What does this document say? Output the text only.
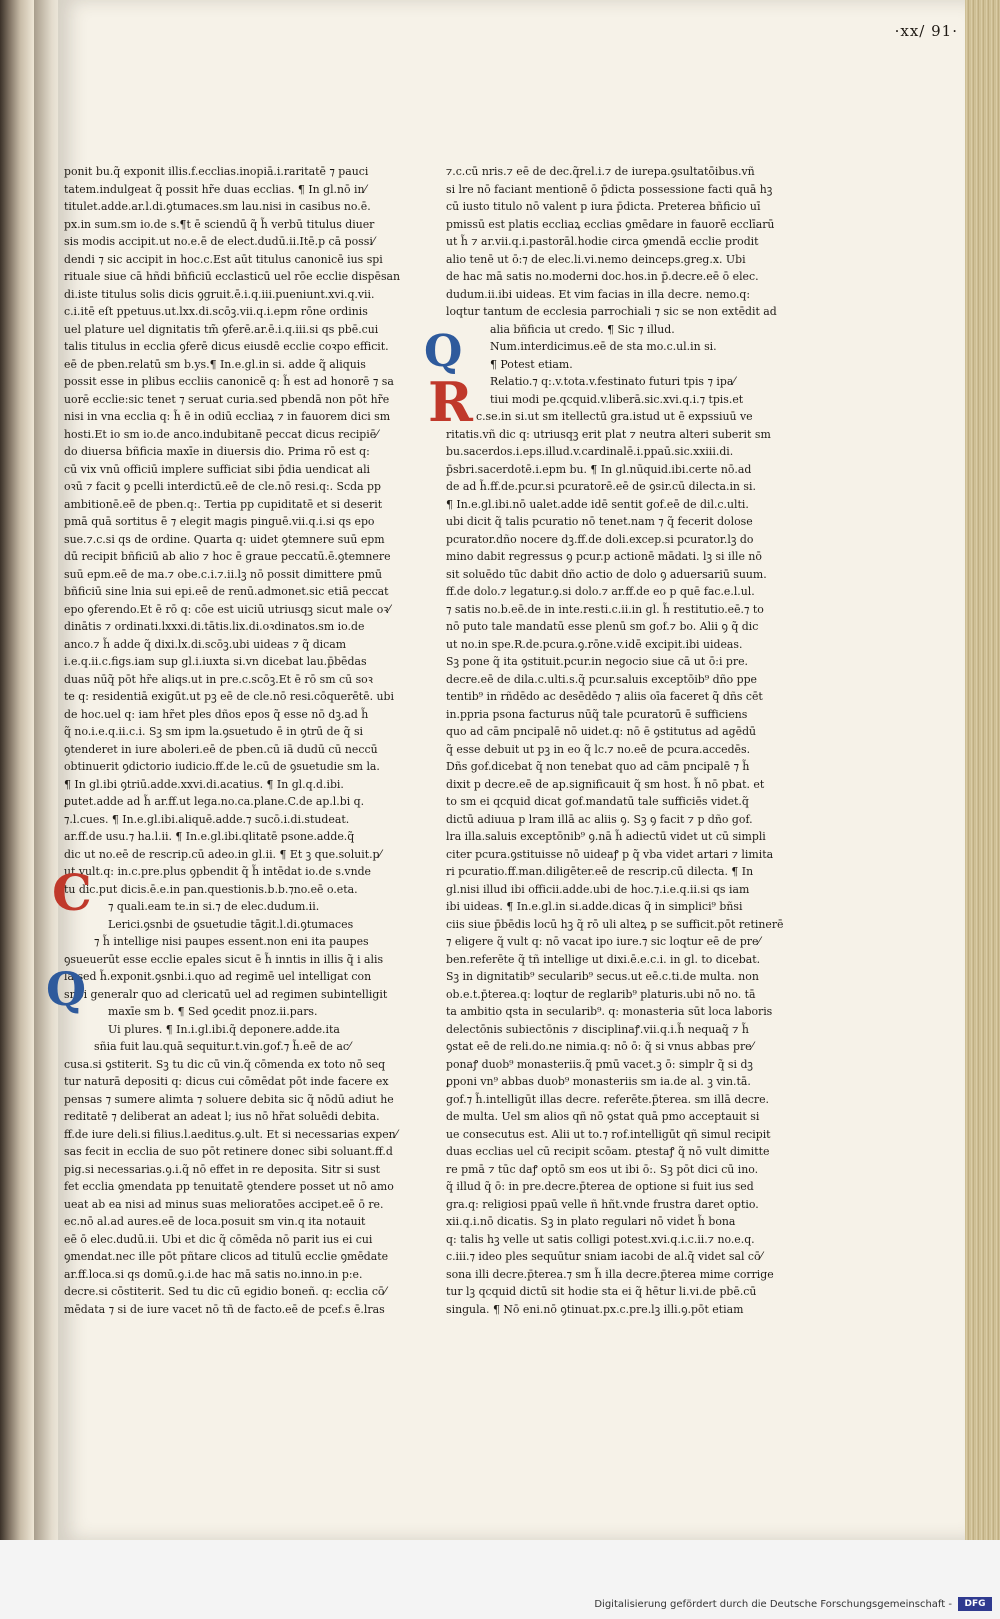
·xx/ 91·
ponit bu.q̃ exponit illis.f.ecclias.inopiā.i.raritatē ⁊ pauci
tatem.indulgeat q̃ possit hr̃e duas ecclias. ¶ In gl.nō in⁄
titulet.adde.ar.l.di.ꝯtumaces.sm lau.nisi in casibus no.ē.
px.in sum.sm io.de s.¶t ē sciendū q̃ h̃ verbū titulus diuer
sis modis accipit.ut no.e.ē de elect.dudū.ii.Itē.p cā possi⁄
dendi ⁊ sic accipit in hoc.c.Est aūt titulus canonicē ius spi
rituale siue cā hñdi bñficiū ecclasticū uel rōe ecclie dispēsan
di.iste titulus solis dicis ꝯgruit.ē.i.q.iii.pueniunt.xvi.q.vii.
c.i.itē eſt ppetuus.ut.lxx.di.scōꝫ.vii.q.i.epm rōne ordinis
uel plature uel dignitatis tm̃ ꝯferē.ar.ē.i.q.iii.si qs pbē.cui
talis titulus in ecclia ꝯferē dicus eiusdē ecclie coꝛpo efficit.
eē de pben.relatū sm b.ys.¶ In.e.gl.in si. adde q̃ aliquis
possit esse in plibus eccliis canonicē q: h̃ est ad honorē ⁊ sa
uorē ecclie:sic tenet ⁊ seruat curia.sed pbendā non pōt hr̃e
nisi in vna ecclia q: h̃ ē in odiū eccliaꝝ ⁊ in fauorem dici sm
hosti.Et io sm io.de anco.indubitanē peccat dicus recipiē⁄
do diuersa bñficia maxīe in diuersis dio. Prima rō est q:
cū vix vnū officiū implere sufficiat sibi p̄dia uendicat ali
oꝛū ⁊ facit ꝯ pcelli interdictū.eē de cle.nō resi.q:. Scda pp
ambitionē.eē de pben.q:. Tertia pp cupiditatē et si deserit
pmā quā sortitus ē ⁊ elegit magis pinguē.vii.q.i.si qs epo
sue.⁊.c.si qs de ordine. Quarta q: uidet ꝯtemnere suū epm
dū recipit bñficiū ab alio ⁊ hoc ē graue peccatū.ē.ꝯtemnere
suū epm.eē de ma.⁊ obe.c.i.⁊.ii.lꝫ nō possit dimittere pmū
bñficiū sine lnia sui epi.eē de renū.admonet.sic etiā peccat
epo ꝯferendo.Et ē rō q: cōe est uiciū utriusqꝫ sicut male oꝛ⁄
dinātis ⁊ ordinati.lxxxi.di.tātis.lix.di.oꝛdinatos.sm io.de
anco.⁊ h̃ adde q̃ dixi.lx.di.scōꝫ.ubi uideas ⁊ q̃ dicam
i.e.q.ii.c.figs.iam sup gl.i.iuxta si.vn dicebat lau.p̄bēdas
duas nūq̃ pōt hr̃e aliqs.ut in pre.c.scōꝫ.Et ē rō sm cū soꝛ
te q: residentiā exigūt.ut pꝫ eē de cle.nō resi.cōquerētē. ubi
de hoc.uel q: iam hr̃et ples dños epos q̃ esse nō dꝫ.ad h̃
q̃ no.i.e.q.ii.c.i. Sꝫ sm ipm la.ꝯsuetudo ē in ꝯtrū de q̃ si
ꝯtenderet in iure aboleri.eē de pben.cū iā dudū cū neccū
obtinuerit ꝯdictorio iudicio.ff.de le.cū de ꝯsuetudie sm la.
¶ In gl.ibi ꝯtriū.adde.xxvi.di.acatius. ¶ In gl.q.d.ibi.
ꝑutet.adde ad h̃ ar.ff.ut lega.no.ca.plane.C.de ap.l.bi q.
⁊.l.cues. ¶ In.e.gl.ibi.aliquē.adde.⁊ sucō.i.di.studeat.
ar.ff.de usu.⁊ ha.l.ii. ¶ In.e.gl.ibi.qlitatē psone.adde.q̃
dic ut no.eē de rescrip.cū adeo.in gl.ii. ¶ Et ꝫ que.soluit.p⁄
ut vult.q: in.c.pre.plus ꝯpbendit q̃ h̃ intēdat io.de s.vnde
tu dic.put dicis.ē.e.in pan.questionis.b.b.⁊no.eē o.eta.
⁊ quali.eam te.in si.⁊ de elec.dudum.ii.
Lerici.ꝯsnbi de ꝯsuetudie tāgit.l.di.ꝯtumaces
⁊ h̃ intellige nisi paupes essent.non eni ita paupes
ꝯsueuerūt esse ecclie epales sicut ē h̃ inntis in illis q̃ i alis
la.sed h̃.exponit.ꝯsnbi.i.quo ad regimē uel intelligat con
snbi generalr quo ad clericatū uel ad regimen subintelligit
maxīe sm b. ¶ Sed ꝯcedit pnoz.ii.pars.
Ui plures. ¶ In.i.gl.ibi.q̃ deponere.adde.ita
sñia fuit lau.quā sequitur.t.vin.gof.⁊ h̃.eē de ac⁄
cusa.si ꝯstiterit. Sꝫ tu dic cū vin.q̃ cōmenda ex toto nō seq
tur naturā depositi q: dicus cui cōmēdat pōt inde facere ex
pensas ⁊ sumere alimta ⁊ soluere debita sic q̃ nōdū adiut he
reditatē ⁊ deliberat an adeat l; ius nō hr̃at soluēdi debita.
ff.de iure deli.si filius.l.aeditus.ꝯ.ult. Et si necessarias expen⁄
sas fecit in ecclia de suo pōt retinere donec sibi soluant.ff.d
pig.si necessarias.ꝯ.i.q̃ nō effet in re deposita. Sitr si sust
fet ecclia ꝯmendata pp tenuitatē ꝯtendere posset ut nō amo
ueat ab ea nisi ad minus suas melioratōes accipet.eē ō re.
ec.nō al.ad aures.eē de loca.posuit sm vin.q ita notauit
eē ō elec.dudū.ii. Ubi et dic q̃ cōmēda nō parit ius ei cui
ꝯmendat.nec ille pōt pñtare clicos ad titulū ecclie ꝯmēdate
ar.ff.loca.si qs domū.ꝯ.i.de hac mā satis no.inno.in p:e.
decre.si cōstiterit. Sed tu dic cū egidio boneñ. q: ecclia cō⁄
mēdata ⁊ si de iure vacet nō tñ de facto.eē de pcef.s ē.lras
⁊.c.cū nris.⁊ eē de dec.q̃rel.i.⁊ de iurepa.ꝯsultatōibus.vñ
si lre nō faciant mentionē ō p̄dicta possessione facti quā hꝫ
cū iusto titulo nō valent p iura p̄dicta. Preterea bñficio uī
pmissū est platis eccliaꝝ ecclias ꝯmēdare in fauorē ecclīarū
ut h̃ ⁊ ar.vii.q.i.pastorāl.hodie circa ꝯmendā ecclie prodit
alio tenē ut ō:⁊ de elec.li.vi.nemo deinceps.greg.x. Ubi
de hac mā satis no.moderni doc.hos.in p̄.decre.eē ō elec.
dudum.ii.ibi uideas. Et vim facias in illa decre. nemo.q:
loqtur tantum de ecclesia parrochiali ⁊ sic se non extēdit ad
alia bñficia ut credo. ¶ Sic ⁊ illud.
Num.interdicimus.eē de sta mo.c.ul.in si.
¶ Potest etiam.
Relatio.⁊ q:.v.tota.v.festinato futuri tpis ⁊ ipa⁄
tiui modi pe.qcquid.v.liberā.sic.xvi.q.i.⁊ tpis.et
c.se.in si.ut sm itellectū gra.istud ut ē expssiuū ve
ritatis.vñ dic q: utriusqꝫ erit plat ⁊ neutra alteri suberit sm
bu.sacerdos.i.eps.illud.v.cardinalē.i.ppaū.sic.xxiii.di.
p̄sbri.sacerdotē.i.epm bu. ¶ In gl.nūquid.ibi.certe nō.ad
de ad h̃.ff.de.pcur.si pcuratorē.eē de ꝯsir.cū dilecta.in si.
¶ In.e.gl.ibi.nō ualet.adde idē sentit gof.eē de dil.c.ulti.
ubi dicit q̃ talis pcuratio nō tenet.nam ⁊ q̃ fecerit dolose
pcurator.dño nocere dꝫ.ff.de doli.excep.si pcurator.lꝫ do
mino dabit regressus ꝯ pcur.p actionē mādati. lꝫ si ille nō
sit soluēdo tūc dabit dño actio de dolo ꝯ aduersariū suum.
ff.de dolo.⁊ legatur.ꝯ.si dolo.⁊ ar.ff.de eo p quē fac.e.l.ul.
⁊ satis no.b.eē.de in inte.resti.c.ii.in gl. h̃ restitutio.eē.⁊ to
nō puto tale mandatū esse plenū sm gof.⁊ bo. Alii ꝯ q̃ dic
ut no.in spe.R.de.pcura.ꝯ.rōne.v.idē excipit.ibi uideas.
Sꝫ pone q̃ ita ꝯstituit.pcur.in negocio siue cā ut ō:i pre.
decre.eē de dila.c.ulti.s.q̃ pcur.saluis exceptōib⁹ dño ppe
tentib⁹ in rñdēdo ac desēdēdo ⁊ aliis oīa faceret q̃ dñs cēt
in.ppria psona facturus nūq̃ tale pcuratorū ē sufficiens
quo ad cām pncipalē nō uidet.q: nō ē ꝯstitutus ad agēdū
q̃ esse debuit ut pꝫ in eo q̃ lc.⁊ no.eē de pcura.accedēs.
Dñs gof.dicebat q̃ non tenebat quo ad cām pncipalē ⁊ h̃
dixit p decre.eē de ap.significauit q̃ sm host. h̃ nō pbat. et
to sm ei qcquid dicat gof.mandatū tale sufficiēs videt.q̃
dictū adiuua p lram illā ac aliis ꝯ. Sꝫ ꝯ facit ⁊ p dño gof.
lra illa.saluis exceptōnib⁹ ꝯ.nā h̃ adiectū videt ut cū simpli
citer pcura.ꝯstituisse nō uideaꝭ p q̃ vba videt artari ⁊ limita
ri pcuratio.ff.man.diligēter.eē de rescrip.cū dilecta. ¶ In
gl.nisi illud ibi officii.adde.ubi de hoc.⁊.i.e.q.ii.si qs iam
ibi uideas. ¶ In.e.gl.in si.adde.dicas q̃ in simplici⁹ bñsi
ciis siue p̄bēdis locū hꝫ q̃ rō uli alteꝝ p se sufficit.pōt retinerē
⁊ eligere q̃ vult q: nō vacat ipo iure.⁊ sic loqtur eē de pre⁄
ben.referēte q̃ tñ intellige ut dixi.ē.e.c.i. in gl. to dicebat.
Sꝫ in dignitatib⁹ secularib⁹ secus.ut eē.c.ti.de multa. non
ob.e.t.p̄terea.q: loqtur de reglarib⁹ platuris.ubi nō no. tā
ta ambitio qsta in secularib⁹. q: monasteria sūt loca laboris
delectōnis subiectōnis ⁊ disciplinaꝭ.vii.q.i.h̃ nequaq̃ ⁊ h̃
ꝯstat eē de reli.do.ne nimia.q: nō ō: q̃ si vnus abbas pre⁄
ponaꝭ duob⁹ monasteriis.q̃ pmū vacet.ꝫ ō: simplr q̃ si dꝫ
ꝑponi vn⁹ abbas duob⁹ monasteriis sm ia.de al. ꝫ vin.tā.
gof.⁊ h̃.intelligūt illas decre. referēte.p̄terea. sm illā decre.
de multa. Uel sm alios qñ nō ꝯstat quā pmo acceptauit si
ue consecutus est. Alii ut to.⁊ rof.intelligūt qñ simul recipit
duas ecclias uel cū recipit scōam. ꝑtestaꝭ q̃ nō vult dimitte
re pmā ⁊ tūc daꝭ optō sm eos ut ibi ō:. Sꝫ pōt dici cū ino.
q̃ illud q̃ ō: in pre.decre.p̄terea de optione si fuit ius sed
gra.q: religiosi ppaū velle ñ hñt.vnde frustra daret optio.
xii.q.i.nō dicatis. Sꝫ in plato regulari nō videt h̃ bona
q: talis hꝫ velle ut satis colligi potest.xvi.q.i.c.ii.⁊ no.e.q.
c.iii.⁊ ideo ples sequūtur sniam iacobi de al.q̃ videt sal cō⁄
sona illi decre.p̄terea.⁊ sm h̃ illa decre.p̄terea mime corrige
tur lꝫ qcquid dictū sit hodie sta ei q̃ hētur li.vi.de pbē.cū
singula. ¶ Nō eni.nō ꝯtinuat.px.c.pre.lꝫ illi.ꝯ.pōt etiam
C
Q
Q
R
Digitalisierung gefördert durch die Deutsche Forschungsgemeinschaft -	DFG
